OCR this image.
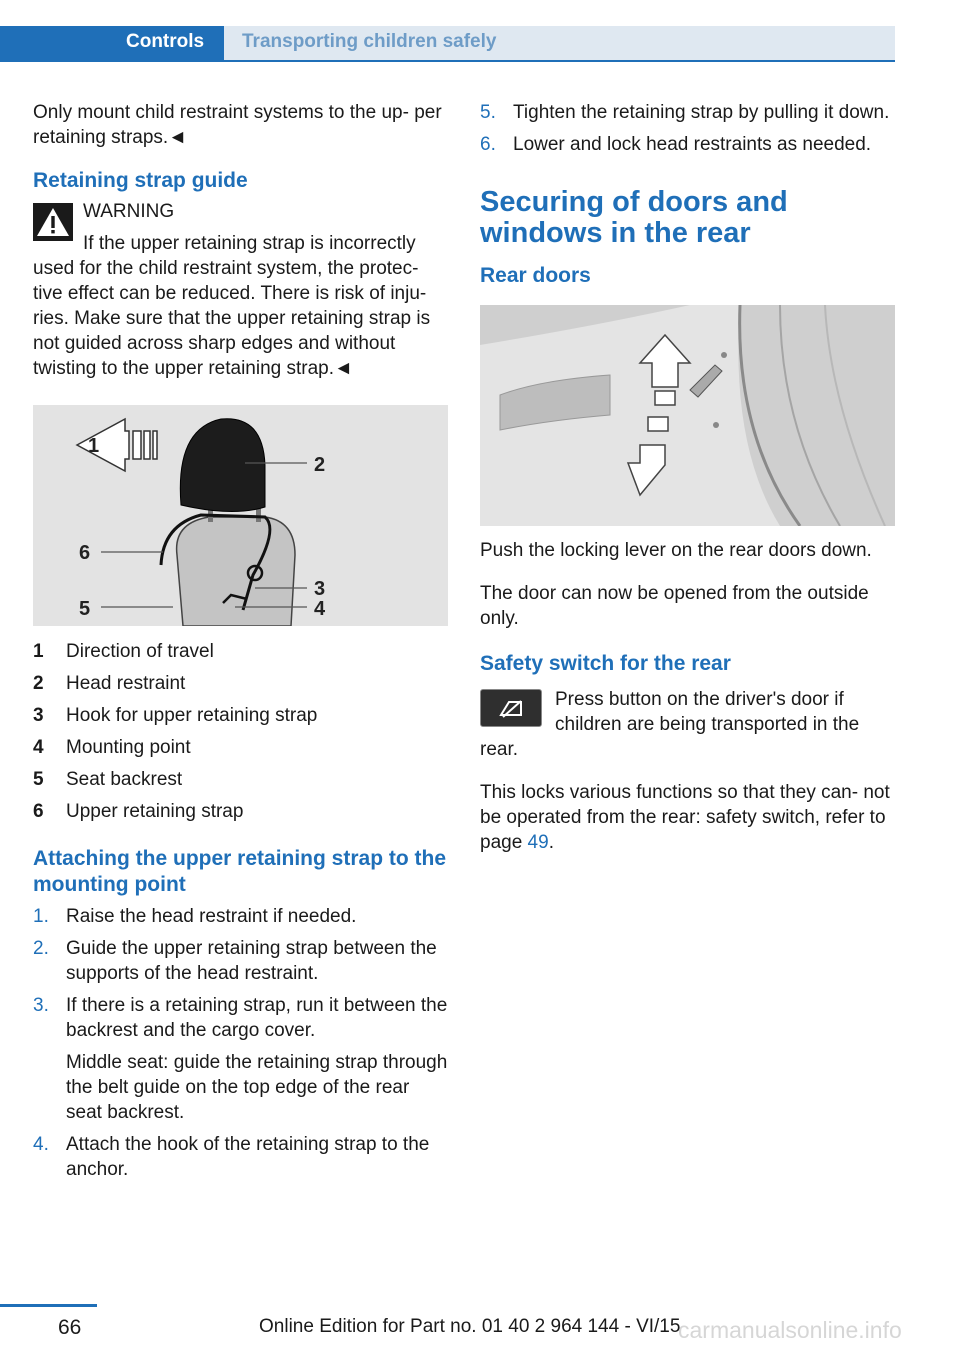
Controls	Transporting children safely

Only mount child restraint systems to the up- per retaining straps.◄

Retaining strap guide
WARNING
If the upper retaining strap is incorrectly used for the child restraint system, the protec- tive effect can be reduced. There is risk of inju- ries. Make sure that the upper retaining strap is not guided across sharp edges and without twisting to the upper retaining strap.◄
1
2
3
4
5
6
1	Direction of travel
2	Head restraint
3	Hook for upper retaining strap
4	Mounting point
5	Seat backrest
6	Upper retaining strap
Attaching the upper retaining strap to the mounting point
1. Raise the head restraint if needed.
2. Guide the upper retaining strap between the supports of the head restraint.
3. If there is a retaining strap, run it between the backrest and the cargo cover.
Middle seat: guide the retaining strap through the belt guide on the top edge of the rear seat backrest.
4. Attach the hook of the retaining strap to the anchor.
5. Tighten the retaining strap by pulling it down.
6. Lower and lock head restraints as needed.
Securing of doors and windows in the rear
Rear doors

Push the locking lever on the rear doors down.

The door can now be opened from the outside only.

Safety switch for the rear

Press button on the driver's door if children are being transported in the rear.

This locks various functions so that they can- not be operated from the rear: safety switch, refer to page 49.

66	Online Edition for Part no. 01 40 2 964 144 - VI/15
carmanualsonline.info
